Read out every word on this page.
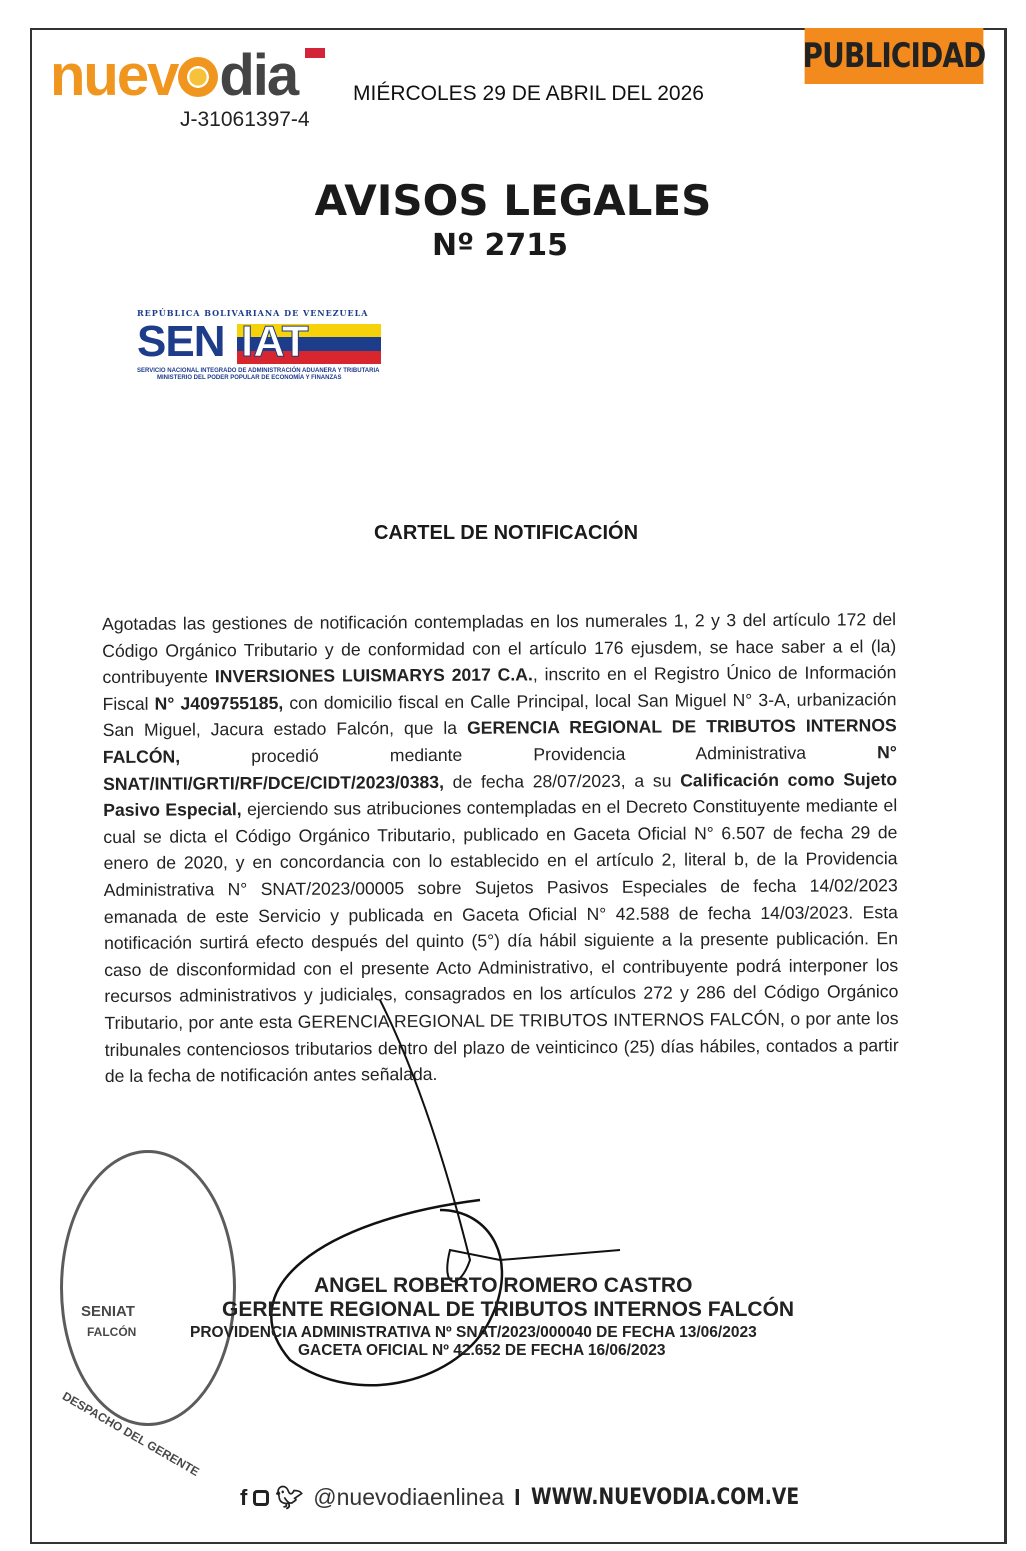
PUBLICIDAD
nuev dia
J-31061397-4
MIÉRCOLES 29 DE ABRIL DEL 2026
AVISOS LEGALES
Nº 2715
REPÚBLICA BOLIVARIANA DE VENEZUELA
SEN IAT
SERVICIO NACIONAL INTEGRADO DE ADMINISTRACIÓN ADUANERA Y TRIBUTARIA
MINISTERIO DEL PODER POPULAR DE ECONOMÍA Y FINANZAS
CARTEL DE NOTIFICACIÓN
Agotadas las gestiones de notificación contempladas en los numerales 1, 2 y 3 del artículo 172 del Código Orgánico Tributario y de conformidad con el artículo 176 ejusdem, se hace saber a el (la) contribuyente INVERSIONES LUISMARYS 2017 C.A., inscrito en el Registro Único de Información Fiscal N° J409755185, con domicilio fiscal en Calle Principal, local San Miguel N° 3-A, urbanización San Miguel, Jacura estado Falcón, que la GERENCIA REGIONAL DE TRIBUTOS INTERNOS FALCÓN, procedió mediante Providencia Administrativa N° SNAT/INTI/GRTI/RF/DCE/CIDT/2023/0383, de fecha 28/07/2023, a su Calificación como Sujeto Pasivo Especial, ejerciendo sus atribuciones contempladas en el Decreto Constituyente mediante el cual se dicta el Código Orgánico Tributario, publicado en Gaceta Oficial N° 6.507 de fecha 29 de enero de 2020, y en concordancia con lo establecido en el artículo 2, literal b, de la Providencia Administrativa N° SNAT/2023/00005 sobre Sujetos Pasivos Especiales de fecha 14/02/2023 emanada de este Servicio y publicada en Gaceta Oficial N° 42.588 de fecha 14/03/2023. Esta notificación surtirá efecto después del quinto (5°) día hábil siguiente a la presente publicación. En caso de disconformidad con el presente Acto Administrativo, el contribuyente podrá interponer los recursos administrativos y judiciales, consagrados en los artículos 272 y 286 del Código Orgánico Tributario, por ante esta GERENCIA REGIONAL DE TRIBUTOS INTERNOS FALCÓN, o por ante los tribunales contenciosos tributarios dentro del plazo de veinticinco (25) días hábiles, contados a partir de la fecha de notificación antes señalada.
SENIAT
FALCÓN
DESPACHO DEL GERENTE
ANGEL ROBERTO ROMERO CASTRO
GERENTE REGIONAL DE TRIBUTOS INTERNOS FALCÓN
PROVIDENCIA ADMINISTRATIVA Nº SNAT/2023/000040 DE FECHA 13/06/2023
GACETA OFICIAL Nº 42.652 DE FECHA 16/06/2023
f 🐦︎ @nuevodiaenlinea I WWW.NUEVODIA.COM.VE
